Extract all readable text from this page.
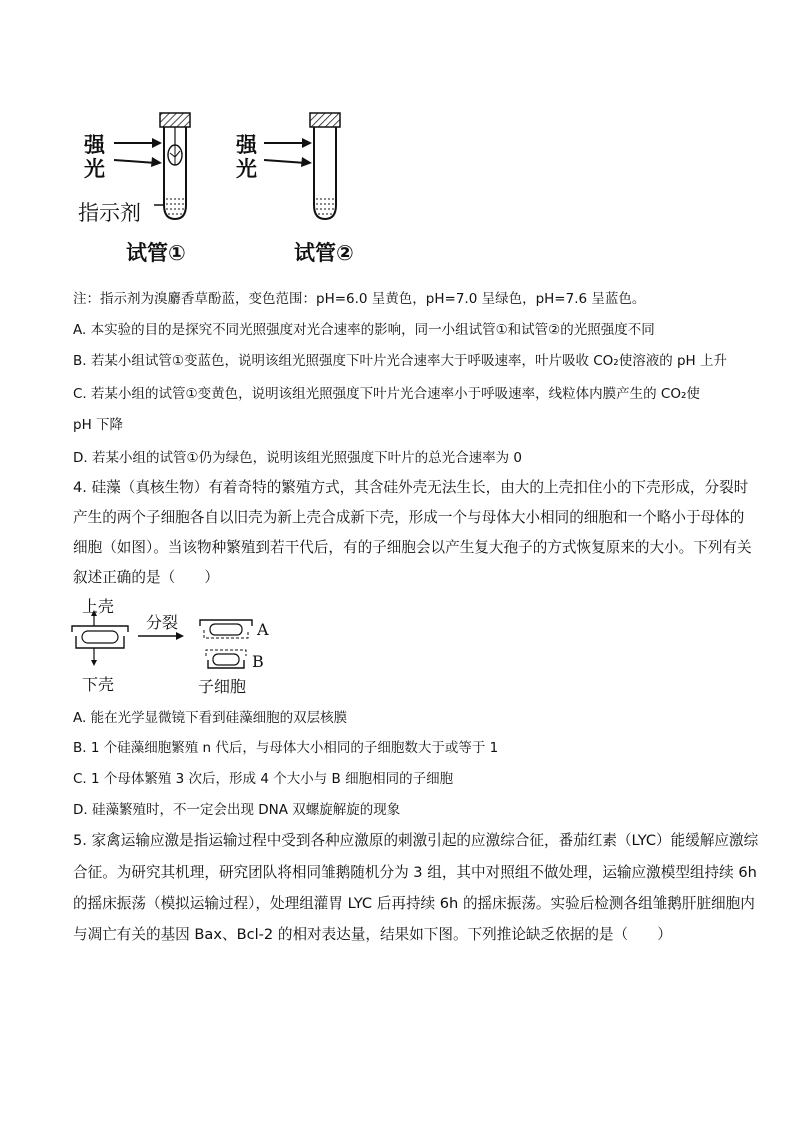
强
光
指示剂
试管①
强
光
试管②
注：指示剂为溴麝香草酚蓝，变色范围：pH=6.0 呈黄色，pH=7.0 呈绿色，pH=7.6 呈蓝色。
A. 本实验的目的是探究不同光照强度对光合速率的影响，同一小组试管①和试管②的光照强度不同
B. 若某小组试管①变蓝色，说明该组光照强度下叶片光合速率大于呼吸速率，叶片吸收 CO₂使溶液的 pH 上升
C. 若某小组的试管①变黄色，说明该组光照强度下叶片光合速率小于呼吸速率，线粒体内膜产生的 CO₂使
pH 下降
D. 若某小组的试管①仍为绿色，说明该组光照强度下叶片的总光合速率为 0
4. 硅藻（真核生物）有着奇特的繁殖方式，其含硅外壳无法生长，由大的上壳扣住小的下壳形成，分裂时
产生的两个子细胞各自以旧壳为新上壳合成新下壳，形成一个与母体大小相同的细胞和一个略小于母体的
细胞（如图）。当该物种繁殖到若干代后，有的子细胞会以产生复大孢子的方式恢复原来的大小。下列有关
叙述正确的是（　　）
上壳
下壳
分裂	A
B
子细胞
A. 能在光学显微镜下看到硅藻细胞的双层核膜
B. 1 个硅藻细胞繁殖 n 代后，与母体大小相同的子细胞数大于或等于 1
C. 1 个母体繁殖 3 次后，形成 4 个大小与 B 细胞相同的子细胞
D. 硅藻繁殖时，不一定会出现 DNA 双螺旋解旋的现象
5. 家禽运输应激是指运输过程中受到各种应激原的刺激引起的应激综合征，番茄红素（LYC）能缓解应激综
合征。为研究其机理，研究团队将相同雏鹅随机分为 3 组，其中对照组不做处理，运输应激模型组持续 6h
的摇床振荡（模拟运输过程），处理组灌胃 LYC 后再持续 6h 的摇床振荡。实验后检测各组雏鹅肝脏细胞内
与凋亡有关的基因 Bax、Bcl-2 的相对表达量，结果如下图。下列推论缺乏依据的是（　　）
